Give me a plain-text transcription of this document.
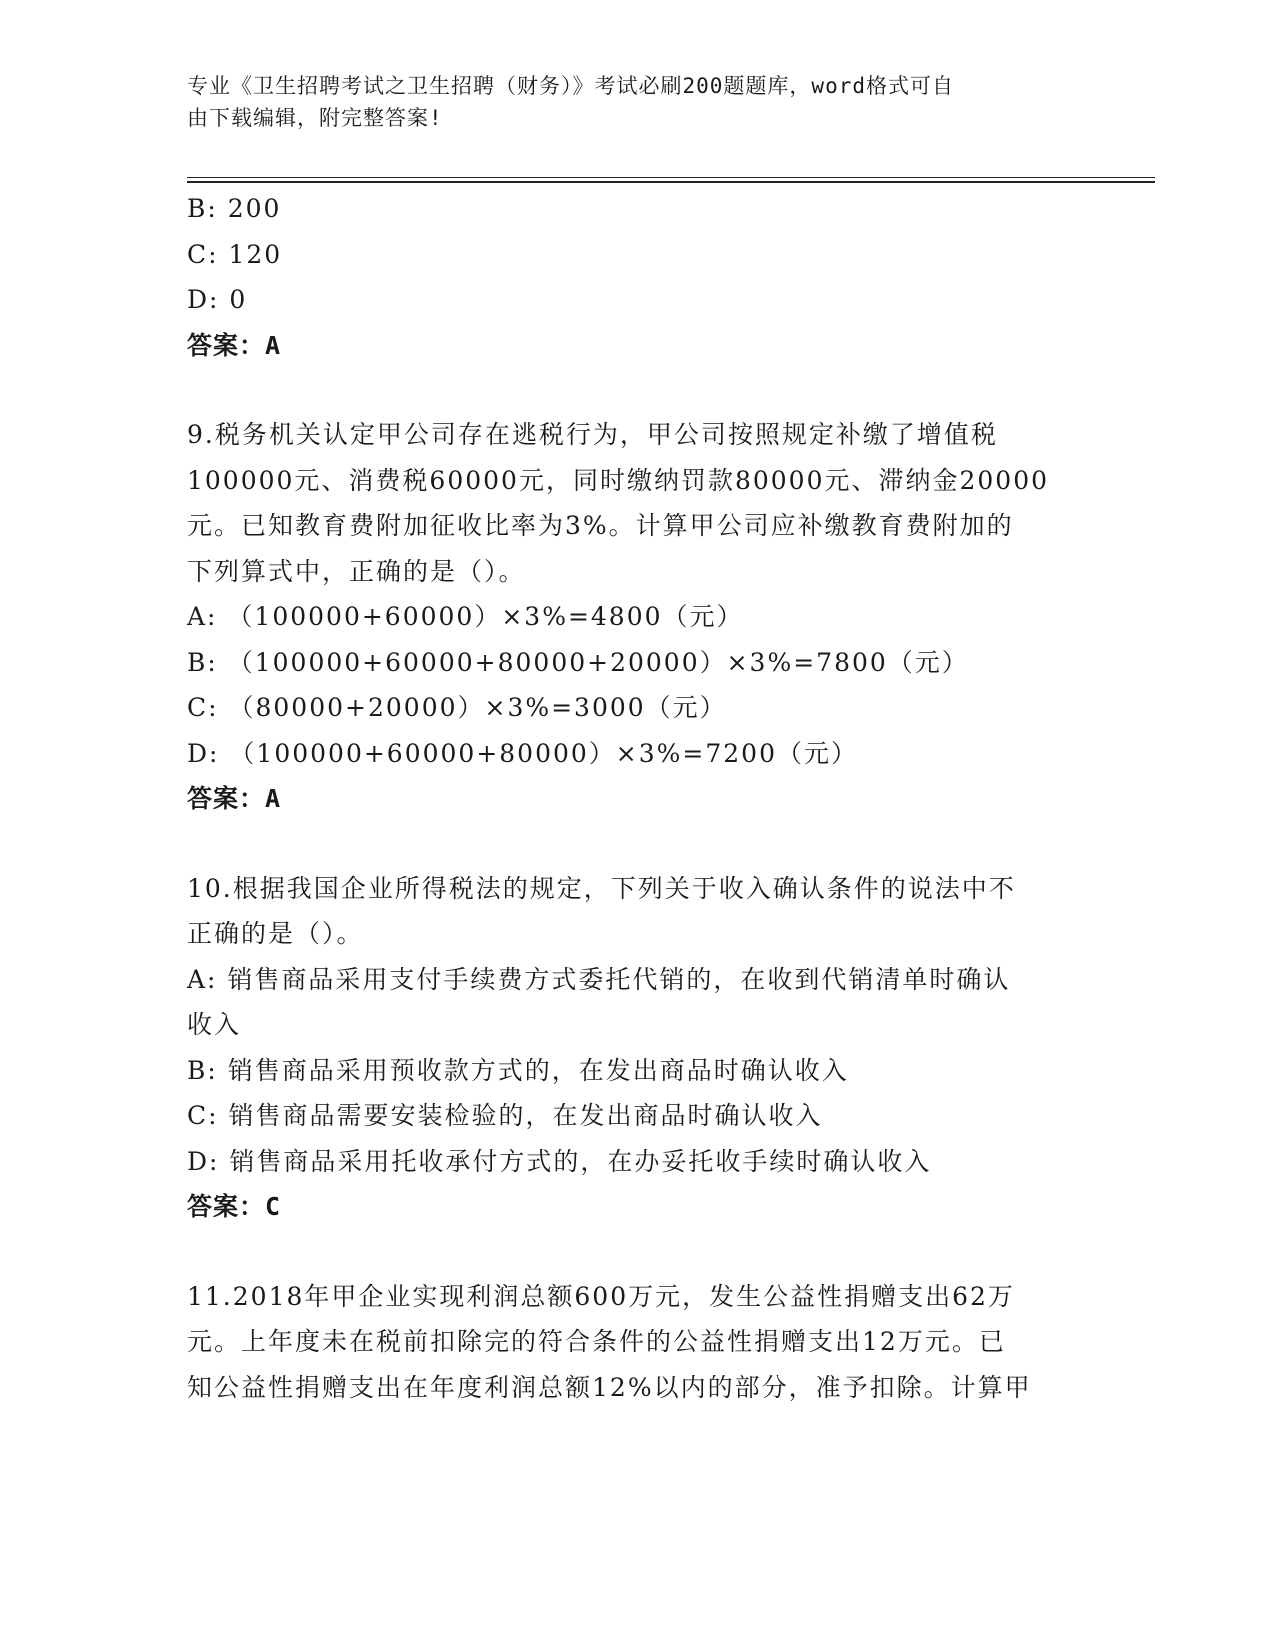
专业《卫生招聘考试之卫生招聘（财务）》考试必刷200题题库，word格式可自
由下载编辑，附完整答案!
B: 200
C: 120
D: 0
答案：A
9.税务机关认定甲公司存在逃税行为，甲公司按照规定补缴了增值税
100000元、消费税60000元，同时缴纳罚款80000元、滞纳金20000
元。已知教育费附加征收比率为3%。计算甲公司应补缴教育费附加的
下列算式中，正确的是（）。
A: （100000+60000）×3%=4800（元）
B: （100000+60000+80000+20000）×3%=7800（元）
C: （80000+20000）×3%=3000（元）
D: （100000+60000+80000）×3%=7200（元）
答案：A
10.根据我国企业所得税法的规定，下列关于收入确认条件的说法中不
正确的是（）。
A: 销售商品采用支付手续费方式委托代销的，在收到代销清单时确认
收入
B: 销售商品采用预收款方式的，在发出商品时确认收入
C: 销售商品需要安装检验的，在发出商品时确认收入
D: 销售商品采用托收承付方式的，在办妥托收手续时确认收入
答案：C
11.2018年甲企业实现利润总额600万元，发生公益性捐赠支出62万
元。上年度未在税前扣除完的符合条件的公益性捐赠支出12万元。已
知公益性捐赠支出在年度利润总额12%以内的部分，准予扣除。计算甲
